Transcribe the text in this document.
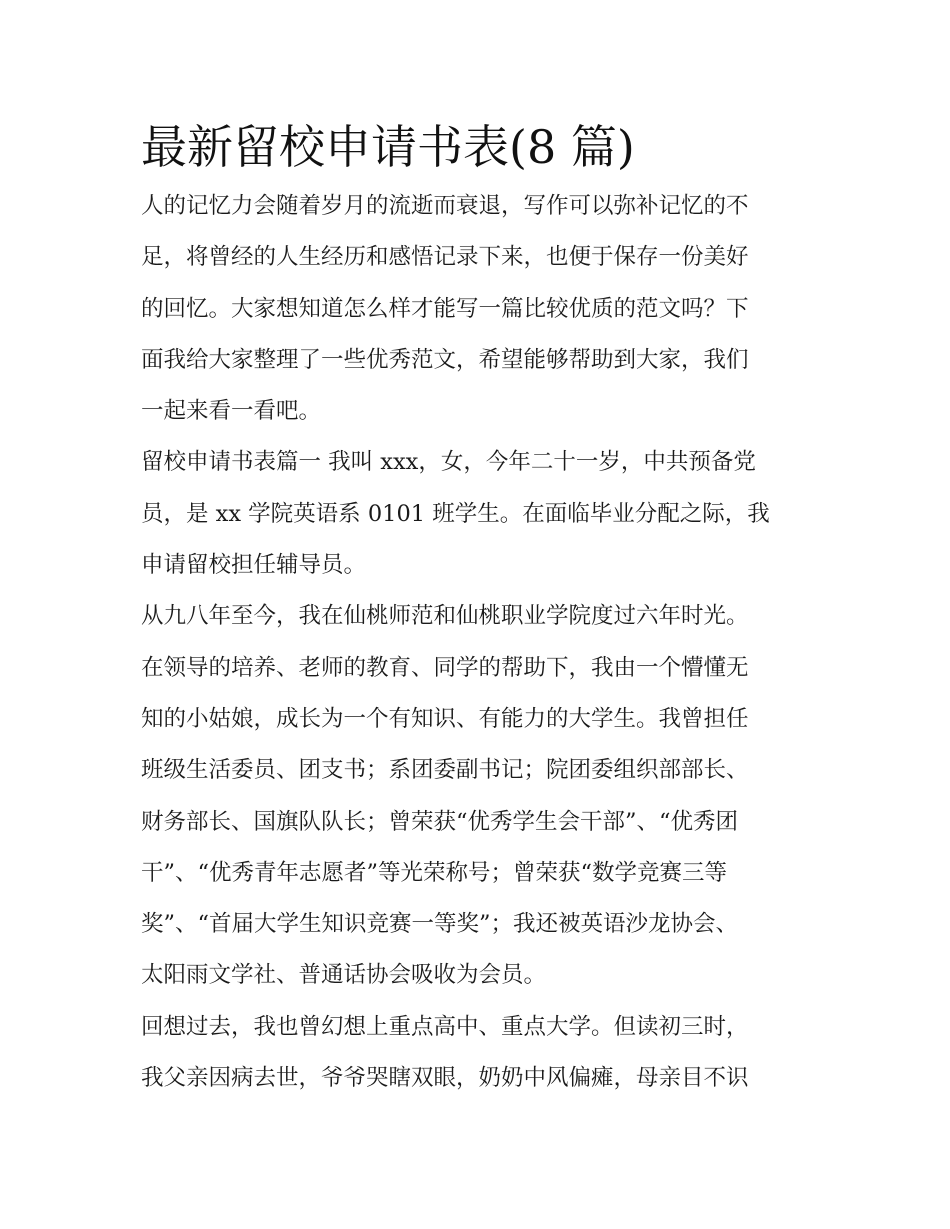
最新留校申请书表(8 篇)

人的记忆力会随着岁月的流逝而衰退，写作可以弥补记忆的不
足，将曾经的人生经历和感悟记录下来，也便于保存一份美好
的回忆。大家想知道怎么样才能写一篇比较优质的范文吗？下
面我给大家整理了一些优秀范文，希望能够帮助到大家，我们
一起来看一看吧。

留校申请书表篇一 我叫 xxx，女，今年二十一岁，中共预备党
员，是 xx 学院英语系 0101 班学生。在面临毕业分配之际，我
申请留校担任辅导员。

从九八年至今，我在仙桃师范和仙桃职业学院度过六年时光。
在领导的培养、老师的教育、同学的帮助下，我由一个懵懂无
知的小姑娘，成长为一个有知识、有能力的大学生。我曾担任
班级生活委员、团支书；系团委副书记；院团委组织部部长、
财务部长、国旗队队长；曾荣获“优秀学生会干部”、“优秀团
干”、“优秀青年志愿者”等光荣称号；曾荣获“数学竞赛三等
奖”、“首届大学生知识竞赛一等奖”；我还被英语沙龙协会、
太阳雨文学社、普通话协会吸收为会员。

回想过去，我也曾幻想上重点高中、重点大学。但读初三时，
我父亲因病去世，爷爷哭瞎双眼，奶奶中风偏瘫，母亲目不识
